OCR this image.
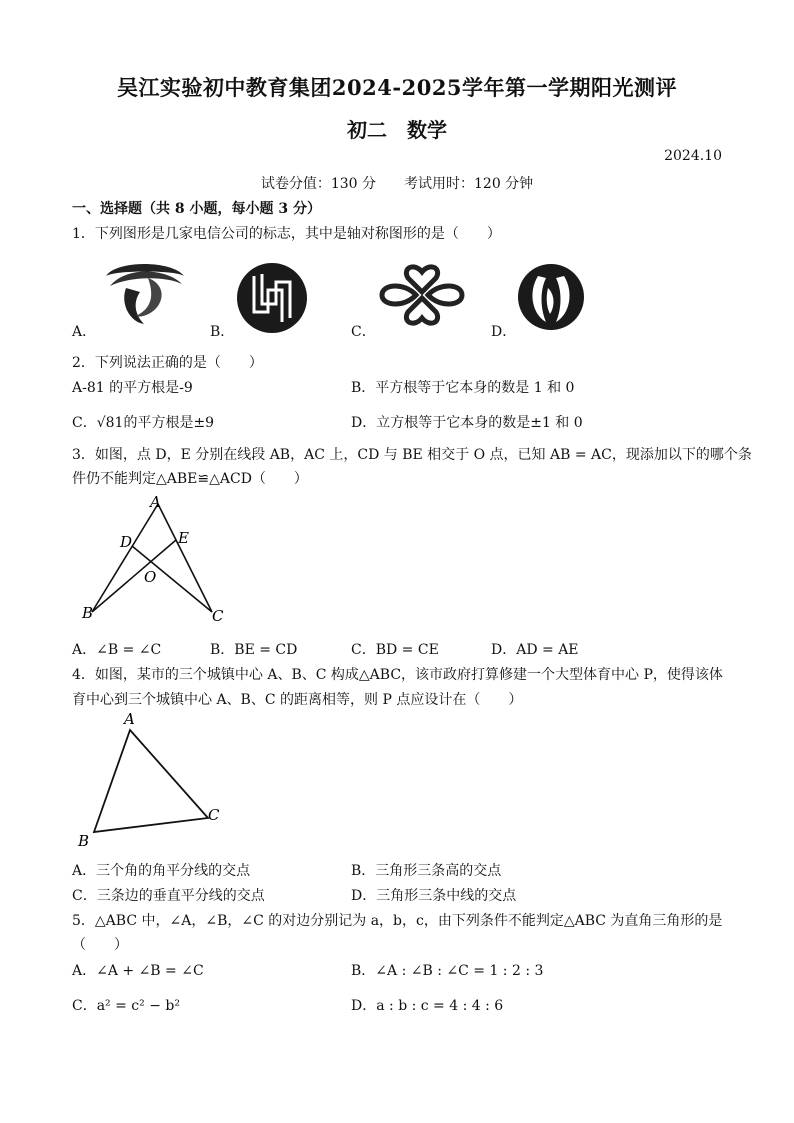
吴江实验初中教育集团2024-2025学年第一学期阳光测评
初二　数学
2024.10
试卷分值：130 分　　考试用时：120 分钟
一、选择题（共 8 小题，每小题 3 分）
1．下列图形是几家电信公司的标志，其中是轴对称图形的是（　　）
A．	B．	C．	D．
2．下列说法正确的是（　　）
A-81 的平方根是-9	B．平方根等于它本身的数是 1 和 0
C．√81的平方根是±9	D．立方根等于它本身的数是±1 和 0
3．如图，点 D，E 分别在线段 AB，AC 上，CD 与 BE 相交于 O 点，已知 AB = AC，现添加以下的哪个条
件仍不能判定△ABE≌△ACD（　　）
A
D	E
O
B	C
A．∠B = ∠C	B．BE = CD	C．BD = CE	D．AD = AE
4．如图，某市的三个城镇中心 A、B、C 构成△ABC，该市政府打算修建一个大型体育中心 P，使得该体
育中心到三个城镇中心 A、B、C 的距离相等，则 P 点应设计在（　　）
A
B
C
A．三个角的角平分线的交点	B．三角形三条高的交点
C．三条边的垂直平分线的交点	D．三角形三条中线的交点
5．△ABC 中，∠A，∠B，∠C 的对边分别记为 a，b，c，由下列条件不能判定△ABC 为直角三角形的是
（　　）
A．∠A + ∠B = ∠C	B．∠A : ∠B : ∠C = 1 : 2 : 3
C．a² = c² − b²	D．a : b : c = 4 : 4 : 6
